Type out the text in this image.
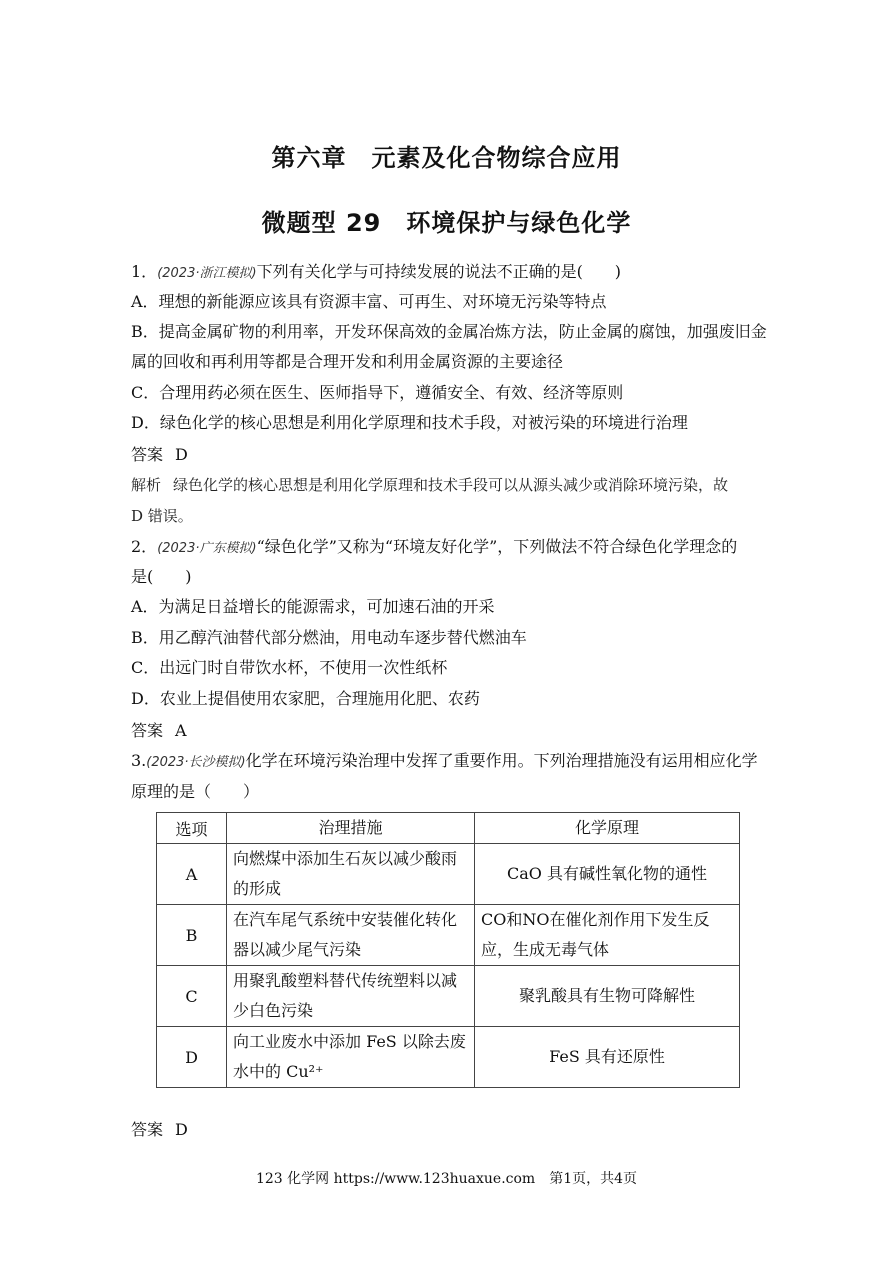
第六章　元素及化合物综合应用
微题型 29　环境保护与绿色化学
1．(2023·浙江模拟)下列有关化学与可持续发展的说法不正确的是(　　)
A．理想的新能源应该具有资源丰富、可再生、对环境无污染等特点
B．提高金属矿物的利用率，开发环保高效的金属冶炼方法，防止金属的腐蚀，加强废旧金
属的回收和再利用等都是合理开发和利用金属资源的主要途径
C．合理用药必须在医生、医师指导下，遵循安全、有效、经济等原则
D．绿色化学的核心思想是利用化学原理和技术手段，对被污染的环境进行治理
答案 D
解析 绿色化学的核心思想是利用化学原理和技术手段可以从源头减少或消除环境污染，故
D 错误。
2．(2023·广东模拟)“绿色化学”又称为“环境友好化学”，下列做法不符合绿色化学理念的
是(　　)
A．为满足日益增长的能源需求，可加速石油的开采
B．用乙醇汽油替代部分燃油，用电动车逐步替代燃油车
C．出远门时自带饮水杯，不使用一次性纸杯
D．农业上提倡使用农家肥，合理施用化肥、农药
答案 A
3.(2023·长沙模拟)化学在环境污染治理中发挥了重要作用。下列治理措施没有运用相应化学
原理的是（　　）
选项	治理措施	化学原理
A	向燃煤中添加生石灰以减少酸雨的形成	CaO 具有碱性氧化物的通性
B	在汽车尾气系统中安装催化转化器以减少尾气污染	CO和NO在催化剂作用下发生反应，生成无毒气体
C	用聚乳酸塑料替代传统塑料以减少白色污染	聚乳酸具有生物可降解性
D	向工业废水中添加 FeS 以除去废水中的 Cu²⁺	FeS 具有还原性
答案 D
123 化学网 https://www.123huaxue.com　第1页，共4页
